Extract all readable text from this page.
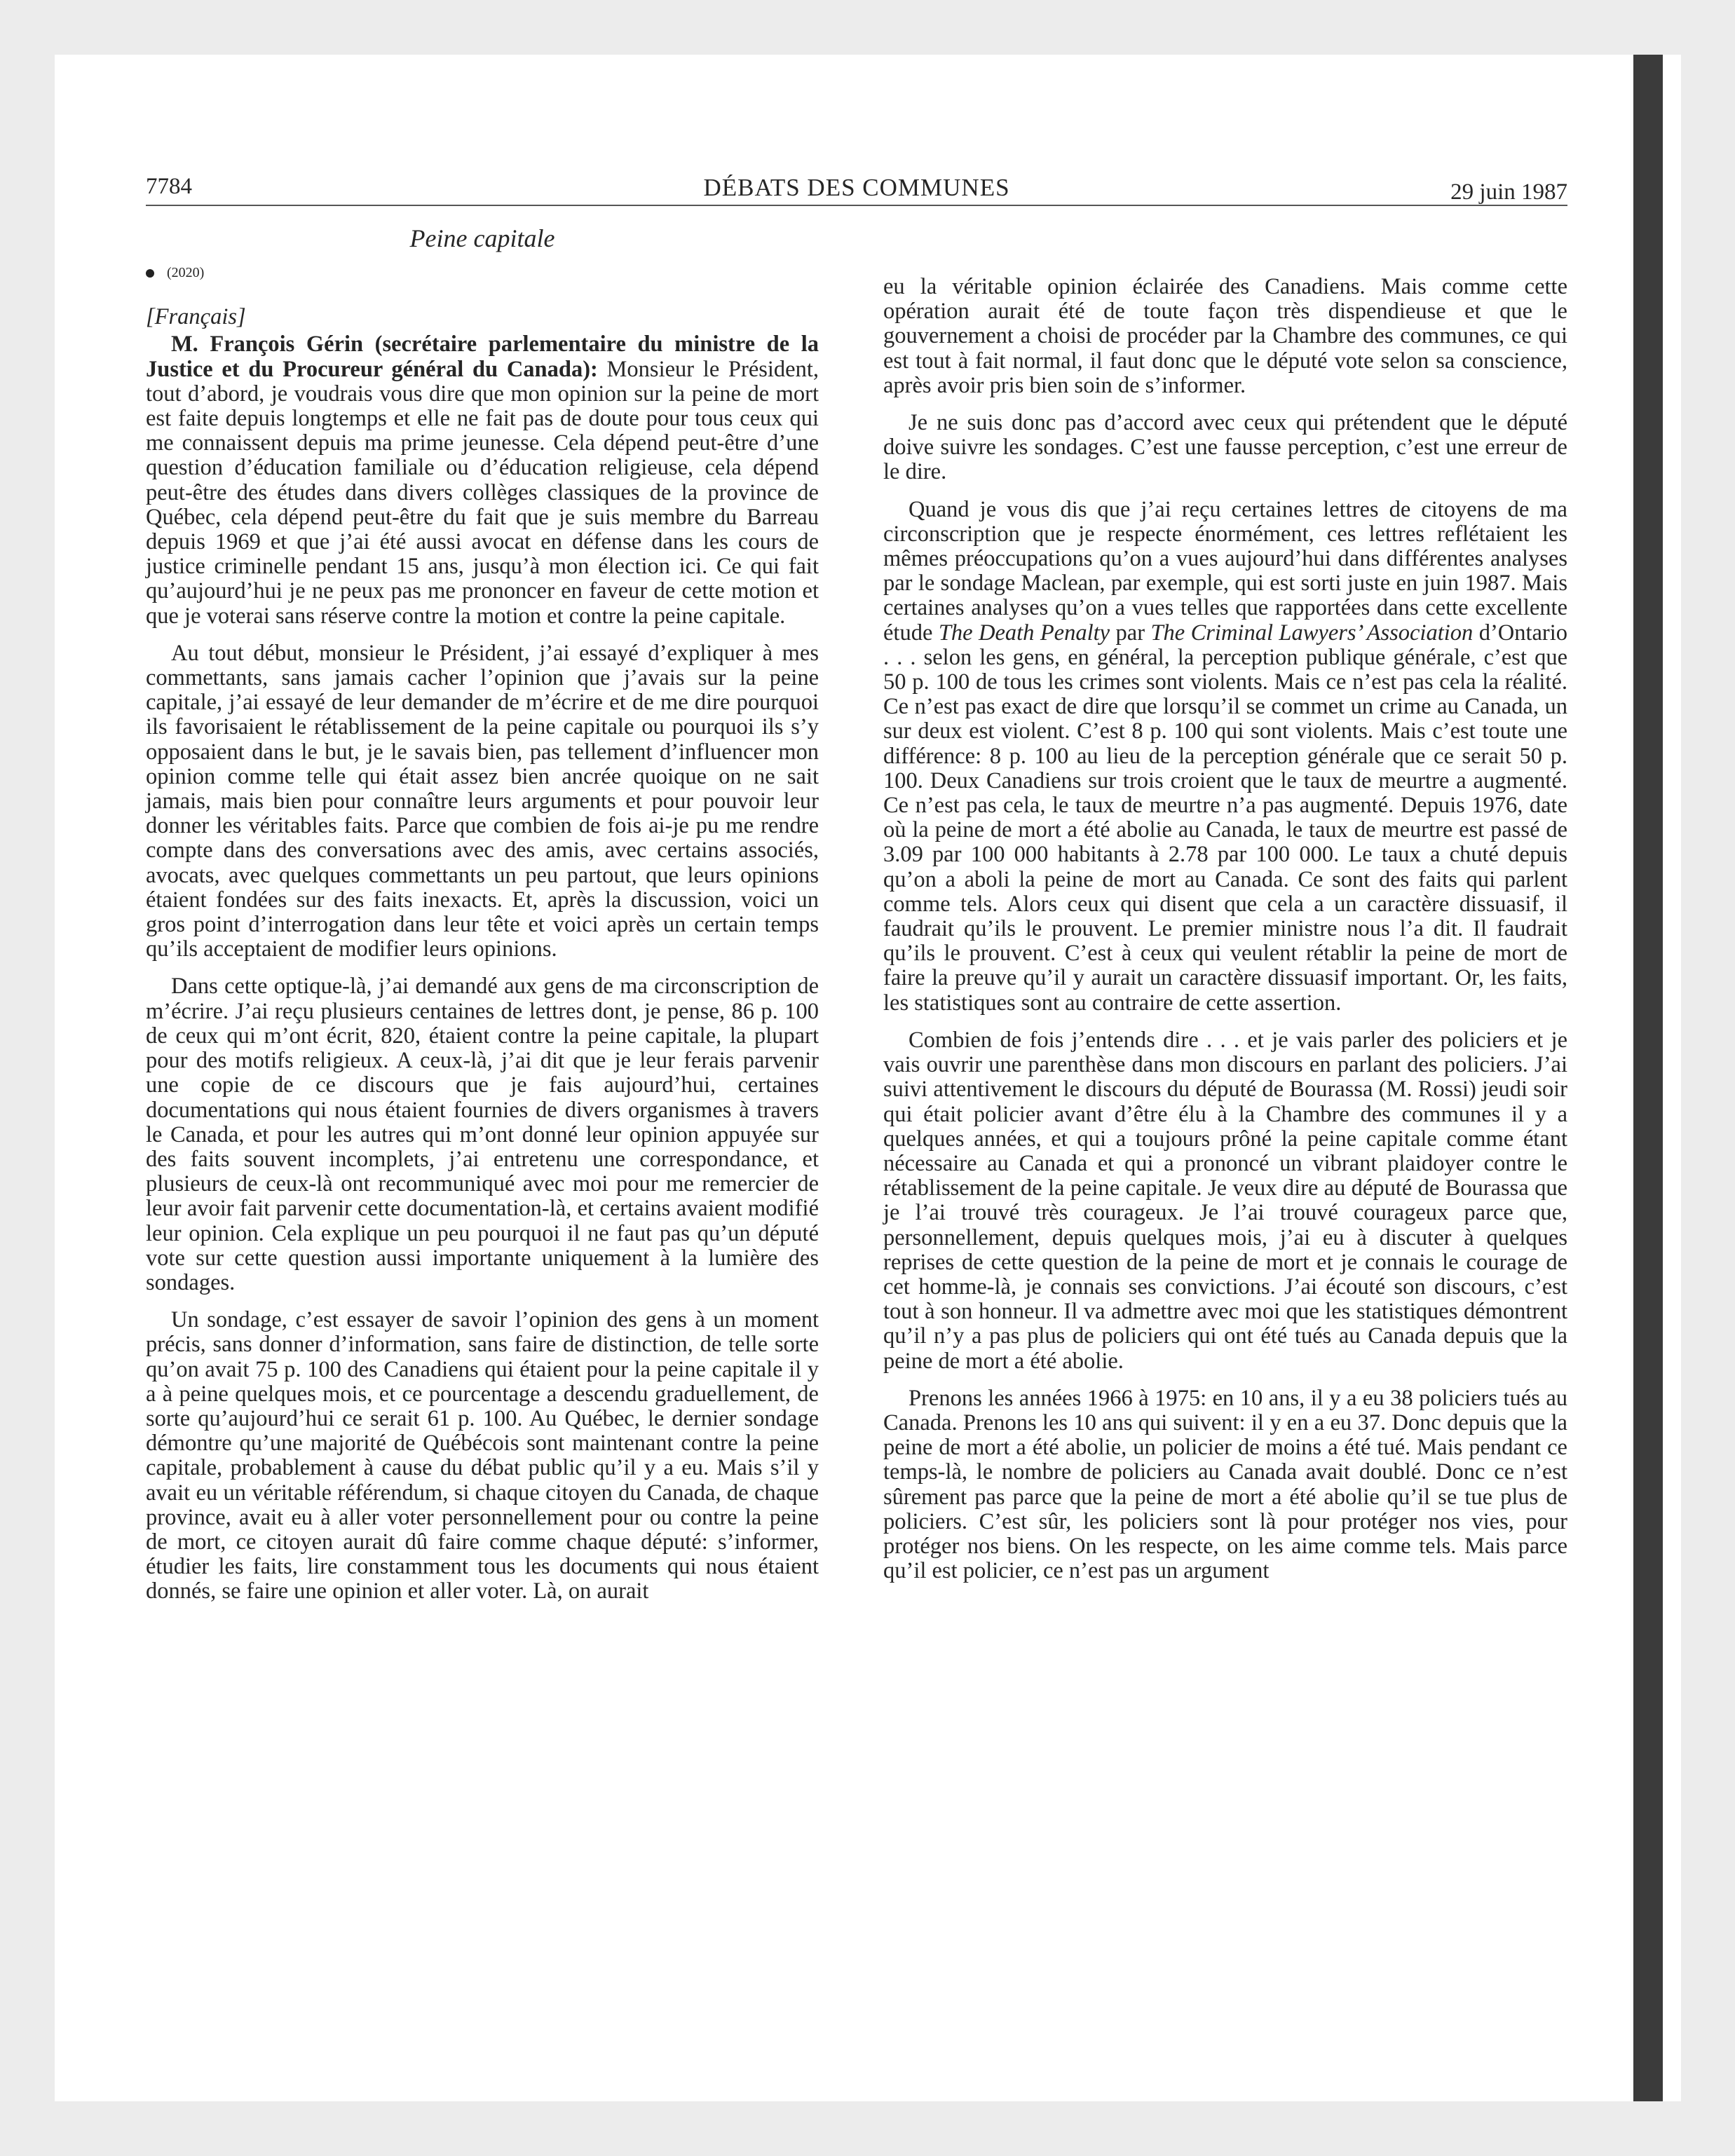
7784	DÉBATS DES COMMUNES	29 juin 1987
Peine capitale
(2020)
[Français]

M. François Gérin (secrétaire parlementaire du ministre de la Justice et du Procureur général du Canada): Monsieur le Président, tout d’abord, je voudrais vous dire que mon opinion sur la peine de mort est faite depuis longtemps et elle ne fait pas de doute pour tous ceux qui me connaissent depuis ma prime jeunesse. Cela dépend peut-être d’une question d’éducation familiale ou d’éducation religieuse, cela dépend peut-être des études dans divers collèges classiques de la province de Québec, cela dépend peut-être du fait que je suis membre du Barreau depuis 1969 et que j’ai été aussi avocat en défense dans les cours de justice criminelle pendant 15 ans, jusqu’à mon élection ici. Ce qui fait qu’aujourd’hui je ne peux pas me prononcer en faveur de cette motion et que je voterai sans réserve contre la motion et contre la peine capitale.

Au tout début, monsieur le Président, j’ai essayé d’expliquer à mes commettants, sans jamais cacher l’opinion que j’avais sur la peine capitale, j’ai essayé de leur demander de m’écrire et de me dire pourquoi ils favorisaient le rétablissement de la peine capitale ou pourquoi ils s’y opposaient dans le but, je le savais bien, pas tellement d’influencer mon opinion comme telle qui était assez bien ancrée quoique on ne sait jamais, mais bien pour connaître leurs arguments et pour pouvoir leur donner les véritables faits. Parce que combien de fois ai-je pu me rendre compte dans des conversations avec des amis, avec certains associés, avocats, avec quelques commettants un peu partout, que leurs opinions étaient fondées sur des faits inexacts. Et, après la discussion, voici un gros point d’interrogation dans leur tête et voici après un certain temps qu’ils acceptaient de modifier leurs opinions.

Dans cette optique-là, j’ai demandé aux gens de ma circonscription de m’écrire. J’ai reçu plusieurs centaines de lettres dont, je pense, 86 p. 100 de ceux qui m’ont écrit, 820, étaient contre la peine capitale, la plupart pour des motifs religieux. A ceux-là, j’ai dit que je leur ferais parvenir une copie de ce discours que je fais aujourd’hui, certaines documentations qui nous étaient fournies de divers organismes à travers le Canada, et pour les autres qui m’ont donné leur opinion appuyée sur des faits souvent incomplets, j’ai entretenu une correspondance, et plusieurs de ceux-là ont recommuniqué avec moi pour me remercier de leur avoir fait parvenir cette documentation-là, et certains avaient modifié leur opinion. Cela explique un peu pourquoi il ne faut pas qu’un député vote sur cette question aussi importante uniquement à la lumière des sondages.

Un sondage, c’est essayer de savoir l’opinion des gens à un moment précis, sans donner d’information, sans faire de distinction, de telle sorte qu’on avait 75 p. 100 des Canadiens qui étaient pour la peine capitale il y a à peine quelques mois, et ce pourcentage a descendu graduellement, de sorte qu’aujourd’hui ce serait 61 p. 100. Au Québec, le dernier sondage démontre qu’une majorité de Québécois sont maintenant contre la peine capitale, probablement à cause du débat public qu’il y a eu. Mais s’il y avait eu un véritable référendum, si chaque citoyen du Canada, de chaque province, avait eu à aller voter personnellement pour ou contre la peine de mort, ce citoyen aurait dû faire comme chaque député: s’informer, étudier les faits, lire constamment tous les documents qui nous étaient donnés, se faire une opinion et aller voter. Là, on aurait

eu la véritable opinion éclairée des Canadiens. Mais comme cette opération aurait été de toute façon très dispendieuse et que le gouvernement a choisi de procéder par la Chambre des communes, ce qui est tout à fait normal, il faut donc que le député vote selon sa conscience, après avoir pris bien soin de s’informer.

Je ne suis donc pas d’accord avec ceux qui prétendent que le député doive suivre les sondages. C’est une fausse perception, c’est une erreur de le dire.

Quand je vous dis que j’ai reçu certaines lettres de citoyens de ma circonscription que je respecte énormément, ces lettres reflétaient les mêmes préoccupations qu’on a vues aujourd’hui dans différentes analyses par le sondage Maclean, par exemple, qui est sorti juste en juin 1987. Mais certaines analyses qu’on a vues telles que rapportées dans cette excellente étude The Death Penalty par The Criminal Lawyers’ Association d’Ontario . . . selon les gens, en général, la perception publique générale, c’est que 50 p. 100 de tous les crimes sont violents. Mais ce n’est pas cela la réalité. Ce n’est pas exact de dire que lorsqu’il se commet un crime au Canada, un sur deux est violent. C’est 8 p. 100 qui sont violents. Mais c’est toute une différence: 8 p. 100 au lieu de la perception générale que ce serait 50 p. 100. Deux Canadiens sur trois croient que le taux de meurtre a augmenté. Ce n’est pas cela, le taux de meurtre n’a pas augmenté. Depuis 1976, date où la peine de mort a été abolie au Canada, le taux de meurtre est passé de 3.09 par 100 000 habitants à 2.78 par 100 000. Le taux a chuté depuis qu’on a aboli la peine de mort au Canada. Ce sont des faits qui parlent comme tels. Alors ceux qui disent que cela a un caractère dissuasif, il faudrait qu’ils le prouvent. Le premier ministre nous l’a dit. Il faudrait qu’ils le prouvent. C’est à ceux qui veulent rétablir la peine de mort de faire la preuve qu’il y aurait un caractère dissuasif important. Or, les faits, les statistiques sont au contraire de cette assertion.

Combien de fois j’entends dire . . . et je vais parler des policiers et je vais ouvrir une parenthèse dans mon discours en parlant des policiers. J’ai suivi attentivement le discours du député de Bourassa (M. Rossi) jeudi soir qui était policier avant d’être élu à la Chambre des communes il y a quelques années, et qui a toujours prôné la peine capitale comme étant nécessaire au Canada et qui a prononcé un vibrant plaidoyer contre le rétablissement de la peine capitale. Je veux dire au député de Bourassa que je l’ai trouvé très courageux. Je l’ai trouvé courageux parce que, personnellement, depuis quelques mois, j’ai eu à discuter à quelques reprises de cette question de la peine de mort et je connais le courage de cet homme-là, je connais ses convictions. J’ai écouté son discours, c’est tout à son honneur. Il va admettre avec moi que les statistiques démontrent qu’il n’y a pas plus de policiers qui ont été tués au Canada depuis que la peine de mort a été abolie.

Prenons les années 1966 à 1975: en 10 ans, il y a eu 38 policiers tués au Canada. Prenons les 10 ans qui suivent: il y en a eu 37. Donc depuis que la peine de mort a été abolie, un policier de moins a été tué. Mais pendant ce temps-là, le nombre de policiers au Canada avait doublé. Donc ce n’est sûrement pas parce que la peine de mort a été abolie qu’il se tue plus de policiers. C’est sûr, les policiers sont là pour protéger nos vies, pour protéger nos biens. On les respecte, on les aime comme tels. Mais parce qu’il est policier, ce n’est pas un argument
